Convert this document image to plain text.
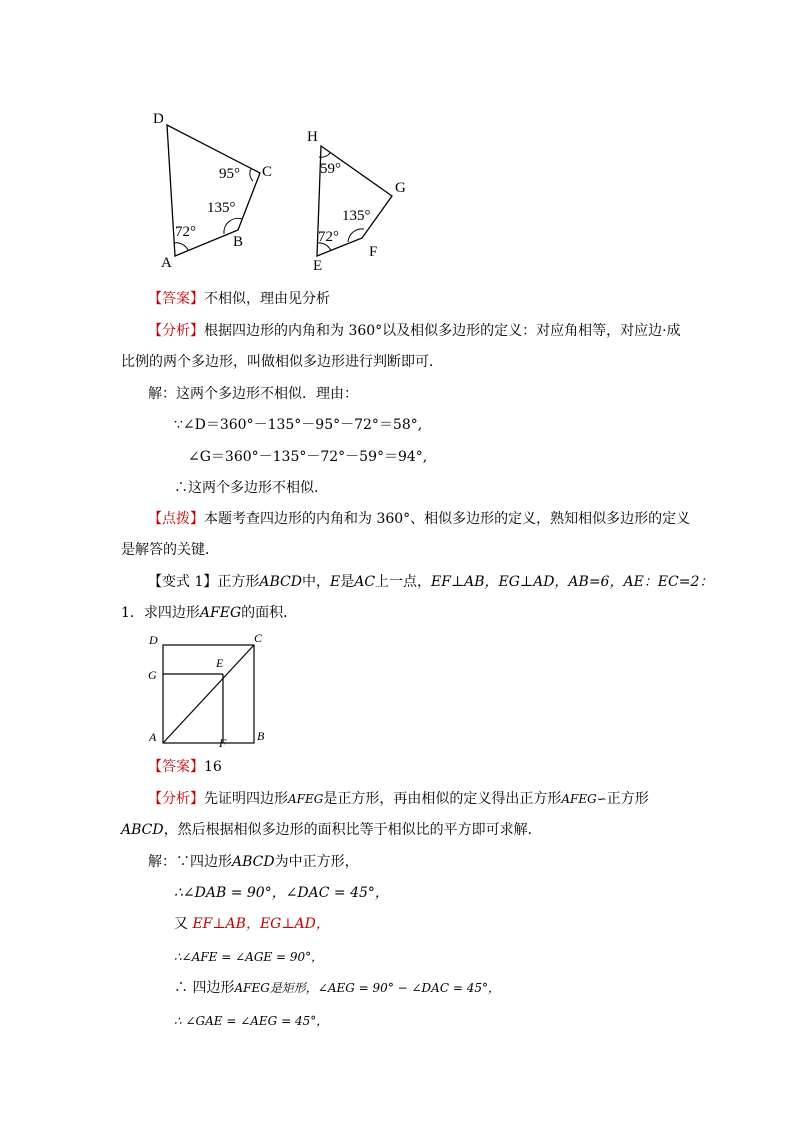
D
C
B
A
95°
135°
72°
H
G
F
E
59°
135°
72°
【答案】不相似，理由见分析
【分析】根据四边形的内角和为 360°以及相似多边形的定义：对应角相等，对应边·成
比例的两个多边形，叫做相似多边形进行判断即可．
解：这两个多边形不相似．理由：
∵∠D＝360°－135°－95°－72°＝58°,
∠G＝360°－135°－72°－59°＝94°,
∴这两个多边形不相似．
【点拨】本题考查四边形的内角和为 360°、相似多边形的定义，熟知相似多边形的定义
是解答的关键．
【变式 1】正方形ABCD中，E是AC上一点，EF⊥AB，EG⊥AD，AB=6，AE：EC=2：
1．求四边形AFEG的面积．
D	C
G
E
A	F	B
【答案】16
【分析】先证明四边形AFEG是正方形，再由相似的定义得出正方形AFEG∽正方形
ABCD，然后根据相似多边形的面积比等于相似比的平方即可求解．
解：∵四边形ABCD为中正方形，
∴∠DAB = 90°，∠DAC = 45°，
又 EF⊥AB，EG⊥AD，
∴∠AFE = ∠AGE = 90°，
∴ 四边形AFEG是矩形，∠AEG = 90° − ∠DAC = 45°，
∴ ∠GAE = ∠AEG = 45°，
